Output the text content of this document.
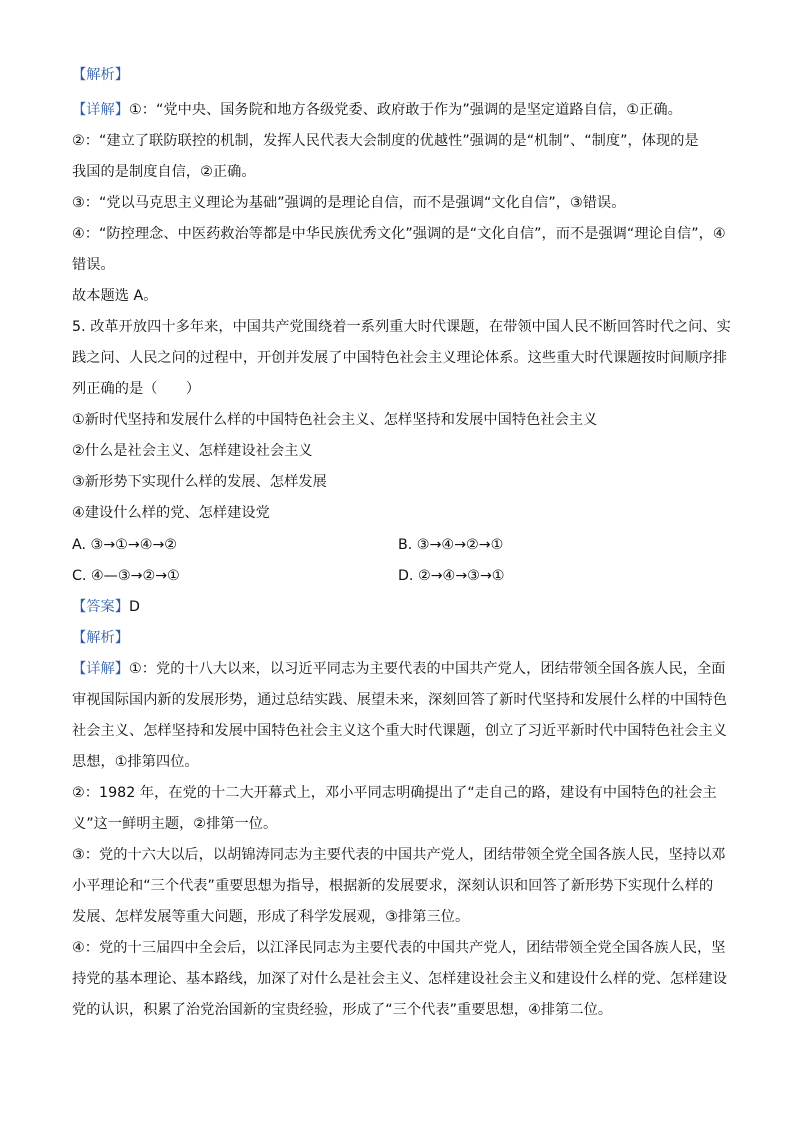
【解析】
【详解】①：“党中央、国务院和地方各级党委、政府敢于作为”强调的是坚定道路自信，①正确。
②：“建立了联防联控的机制，发挥人民代表大会制度的优越性”强调的是“机制”、“制度”，体现的是
我国的是制度自信，②正确。
③：“党以马克思主义理论为基础”强调的是理论自信，而不是强调“文化自信”，③错误。
④：“防控理念、中医药救治等都是中华民族优秀文化”强调的是“文化自信”，而不是强调“理论自信”，④
错误。
故本题选 A。
5. 改革开放四十多年来，中国共产党围绕着一系列重大时代课题，在带领中国人民不断回答时代之问、实
践之问、人民之问的过程中，开创并发展了中国特色社会主义理论体系。这些重大时代课题按时间顺序排
列正确的是（　　）
①新时代坚持和发展什么样的中国特色社会主义、怎样坚持和发展中国特色社会主义
②什么是社会主义、怎样建设社会主义
③新形势下实现什么样的发展、怎样发展
④建设什么样的党、怎样建设党
A. ③→①→④→②	B. ③→④→②→①
C. ④—③→②→①	D. ②→④→③→①
【答案】D
【解析】
【详解】①：党的十八大以来，以习近平同志为主要代表的中国共产党人，团结带领全国各族人民，全面
审视国际国内新的发展形势，通过总结实践、展望未来，深刻回答了新时代坚持和发展什么样的中国特色
社会主义、怎样坚持和发展中国特色社会主义这个重大时代课题，创立了习近平新时代中国特色社会主义
思想，①排第四位。
②：1982 年，在党的十二大开幕式上，邓小平同志明确提出了“走自己的路，建设有中国特色的社会主
义”这一鲜明主题，②排第一位。
③：党的十六大以后，以胡锦涛同志为主要代表的中国共产党人，团结带领全党全国各族人民，坚持以邓
小平理论和“三个代表”重要思想为指导，根据新的发展要求，深刻认识和回答了新形势下实现什么样的
发展、怎样发展等重大问题，形成了科学发展观，③排第三位。
④：党的十三届四中全会后，以江泽民同志为主要代表的中国共产党人，团结带领全党全国各族人民，坚
持党的基本理论、基本路线，加深了对什么是社会主义、怎样建设社会主义和建设什么样的党、怎样建设
党的认识，积累了治党治国新的宝贵经验，形成了“三个代表”重要思想，④排第二位。
